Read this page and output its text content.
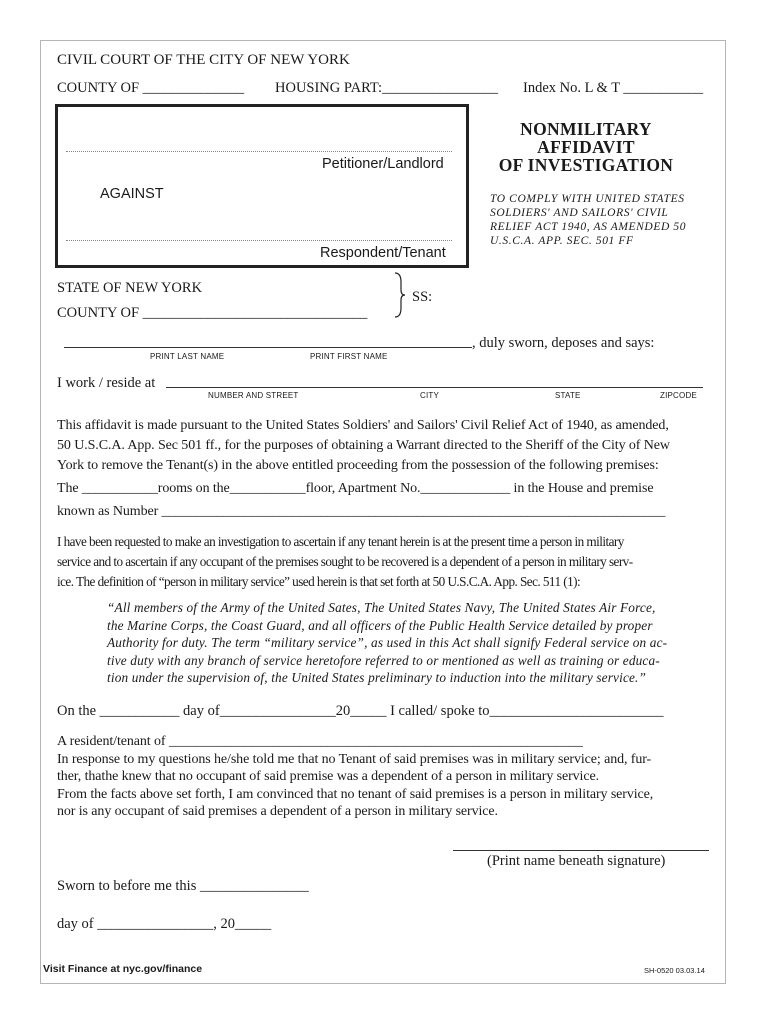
CIVIL COURT OF THE CITY OF NEW YORK
COUNTY OF ______________ HOUSING PART:________________ Index No. L & T ___________
Petitioner/Landlord
AGAINST
Respondent/Tenant
NONMILITARY
AFFIDAVIT
OF INVESTIGATION
TO COMPLY WITH UNITED STATES
SOLDIERS' AND SAILORS' CIVIL
RELIEF ACT 1940, AS AMENDED 50
U.S.C.A. APP. SEC. 501 FF
STATE OF NEW YORK
COUNTY OF _______________________________
SS:
, duly sworn, deposes and says:
PRINT LAST NAME	PRINT FIRST NAME
I work / reside at
NUMBER AND STREET	CITY	STATE	ZIPCODE
This affidavit is made pursuant to the United States Soldiers' and Sailors' Civil Relief Act of 1940, as amended,
50 U.S.C.A. App. Sec 501 ff., for the purposes of obtaining a Warrant directed to the Sheriff of the City of New
York to remove the Tenant(s) in the above entitled proceeding from the possession of the following premises:
The ___________rooms on the___________floor, Apartment No._____________ in the House and premise
known as Number _________________________________________________________________________
I have been requested to make an investigation to ascertain if any tenant herein is at the present time a person in military
service and to ascertain if any occupant of the premises sought to be recovered is a dependent of a person in military serv-
ice. The definition of “person in military service” used herein is that set forth at 50 U.S.C.A. App. Sec. 511 (1):
“All members of the Army of the United Sates, The United States Navy, The United States Air Force,
the Marine Corps, the Coast Guard, and all officers of the Public Health Service detailed by proper
Authority for duty. The term “military service”, as used in this Act shall signify Federal service on ac-
tive duty with any branch of service heretofore referred to or mentioned as well as training or educa-
tion under the supervision of, the United States preliminary to induction into the military service.”
On the ___________ day of________________20_____ I called/ spoke to________________________
A resident/tenant of ____________________________________________________________
In response to my questions he/she told me that no Tenant of said premises was in military service; and, fur-
ther, thathe knew that no occupant of said premise was a dependent of a person in military service.
From the facts above set forth, I am convinced that no tenant of said premises is a person in military service,
nor is any occupant of said premises a dependent of a person in military service.
(Print name beneath signature)
Sworn to before me this _______________
day of ________________, 20_____
Visit Finance at nyc.gov/finance	SH-0520 03.03.14
